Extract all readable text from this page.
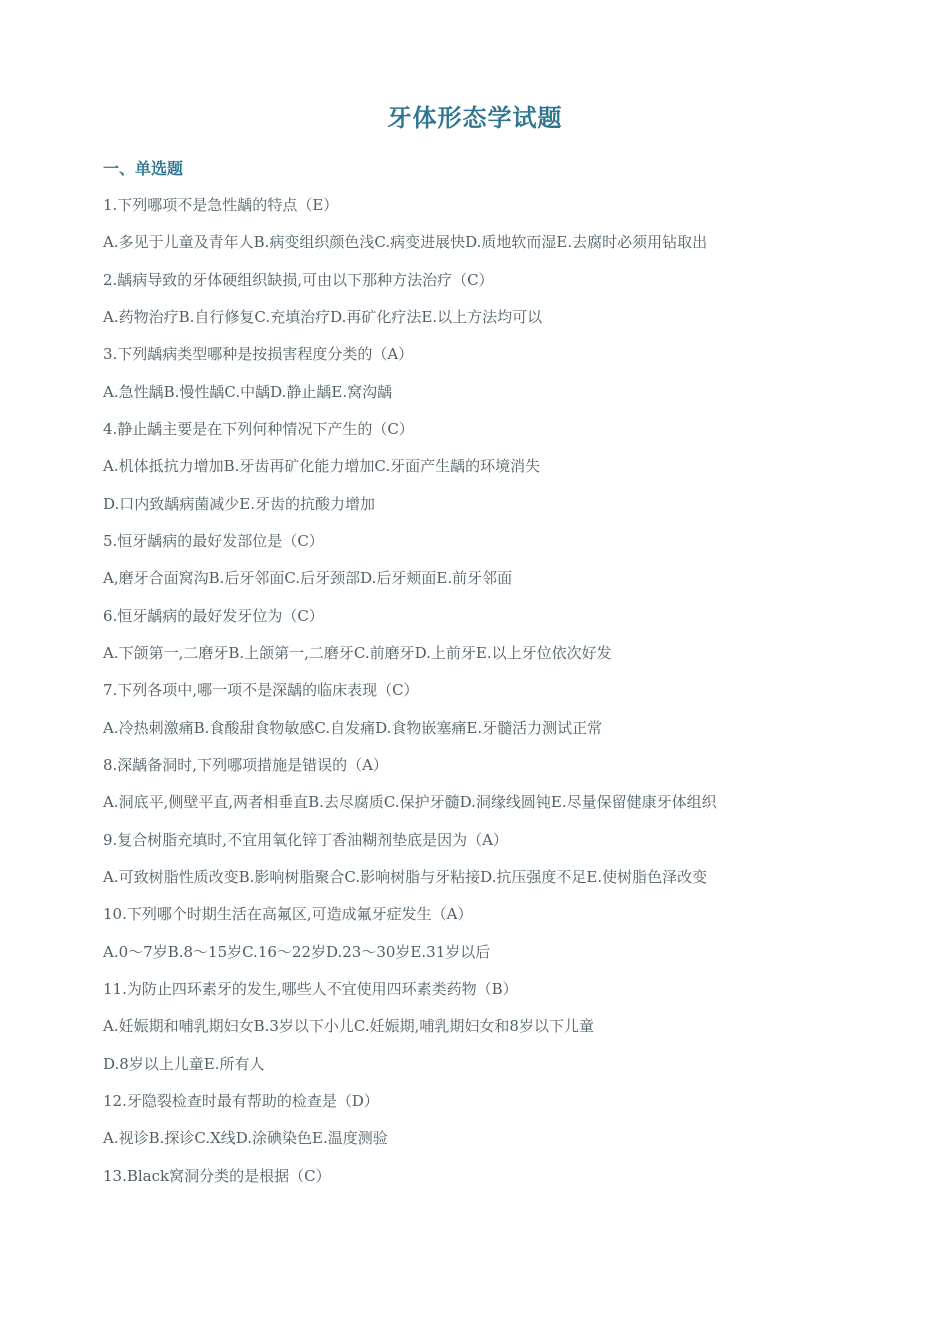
牙体形态学试题
一、单选题
1.下列哪项不是急性龋的特点（E）
A.多见于儿童及青年人B.病变组织颜色浅C.病变进展快D.质地软而湿E.去腐时必须用钻取出
2.龋病导致的牙体硬组织缺损,可由以下那种方法治疗（C）
A.药物治疗B.自行修复C.充填治疗D.再矿化疗法E.以上方法均可以
3.下列龋病类型哪种是按损害程度分类的（A）
A.急性龋B.慢性龋C.中龋D.静止龋E.窝沟龋
4.静止龋主要是在下列何种情况下产生的（C）
A.机体抵抗力增加B.牙齿再矿化能力增加C.牙面产生龋的环境消失
D.口内致龋病菌减少E.牙齿的抗酸力增加
5.恒牙龋病的最好发部位是（C）
A,磨牙合面窝沟B.后牙邻面C.后牙颈部D.后牙颊面E.前牙邻面
6.恒牙龋病的最好发牙位为（C）
A.下颌第一,二磨牙B.上颌第一,二磨牙C.前磨牙D.上前牙E.以上牙位依次好发
7.下列各项中,哪一项不是深龋的临床表现（C）
A.冷热刺激痛B.食酸甜食物敏感C.自发痛D.食物嵌塞痛E.牙髓活力测试正常
8.深龋备洞时,下列哪项措施是错误的（A）
A.洞底平,侧壁平直,两者相垂直B.去尽腐质C.保护牙髓D.洞缘线圆钝E.尽量保留健康牙体组织
9.复合树脂充填时,不宜用氧化锌丁香油糊剂垫底是因为（A）
A.可致树脂性质改变B.影响树脂聚合C.影响树脂与牙粘接D.抗压强度不足E.使树脂色泽改变
10.下列哪个时期生活在高氟区,可造成氟牙症发生（A）
A.0～7岁B.8～15岁C.16～22岁D.23～30岁E.31岁以后
11.为防止四环素牙的发生,哪些人不宜使用四环素类药物（B）
A.妊娠期和哺乳期妇女B.3岁以下小儿C.妊娠期,哺乳期妇女和8岁以下儿童
D.8岁以上儿童E.所有人
12.牙隐裂检查时最有帮助的检查是（D）
A.视诊B.探诊C.X线D.涂碘染色E.温度测验
13.Black窝洞分类的是根据（C）
